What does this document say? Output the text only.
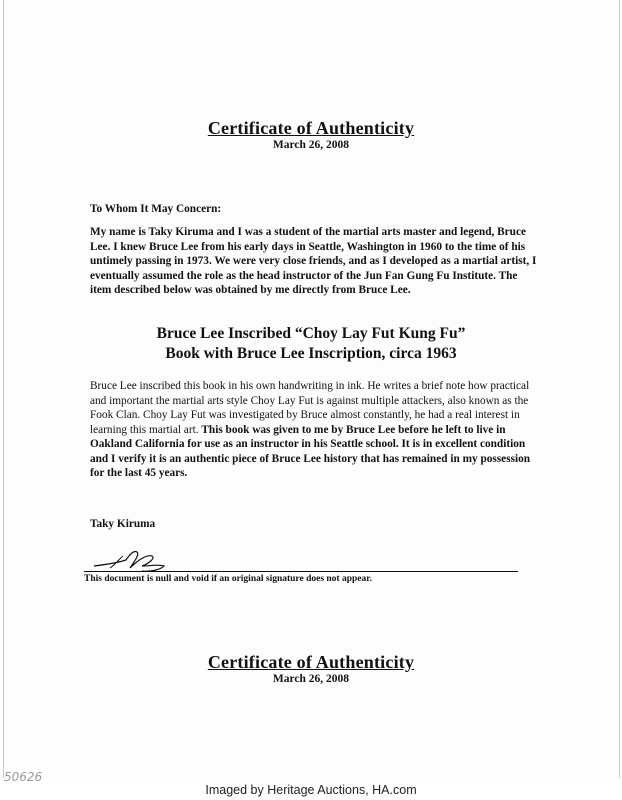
Certificate of Authenticity
March 26, 2008

To Whom It May Concern:

My name is Taky Kiruma and I was a student of the martial arts master and legend, Bruce Lee. I knew Bruce Lee from his early days in Seattle, Washington in 1960 to the time of his untimely passing in 1973. We were very close friends, and as I developed as a martial artist, I eventually assumed the role as the head instructor of the Jun Fan Gung Fu Institute. The item described below was obtained by me directly from Bruce Lee.

Bruce Lee Inscribed “Choy Lay Fut Kung Fu”

Book with Bruce Lee Inscription, circa 1963

Bruce Lee inscribed this book in his own handwriting in ink. He writes a brief note how practical and important the martial arts style Choy Lay Fut is against multiple attackers, also known as the Fook Clan. Choy Lay Fut was investigated by Bruce almost constantly, he had a real interest in learning this martial art. This book was given to me by Bruce Lee before he left to live in Oakland California for use as an instructor in his Seattle school. It is in excellent condition and I verify it is an authentic piece of Bruce Lee history that has remained in my possession for the last 45 years.

Taky Kiruma

This document is null and void if an original signature does not appear.
Certificate of Authenticity
March 26, 2008
50626
Imaged by Heritage Auctions, HA.com
